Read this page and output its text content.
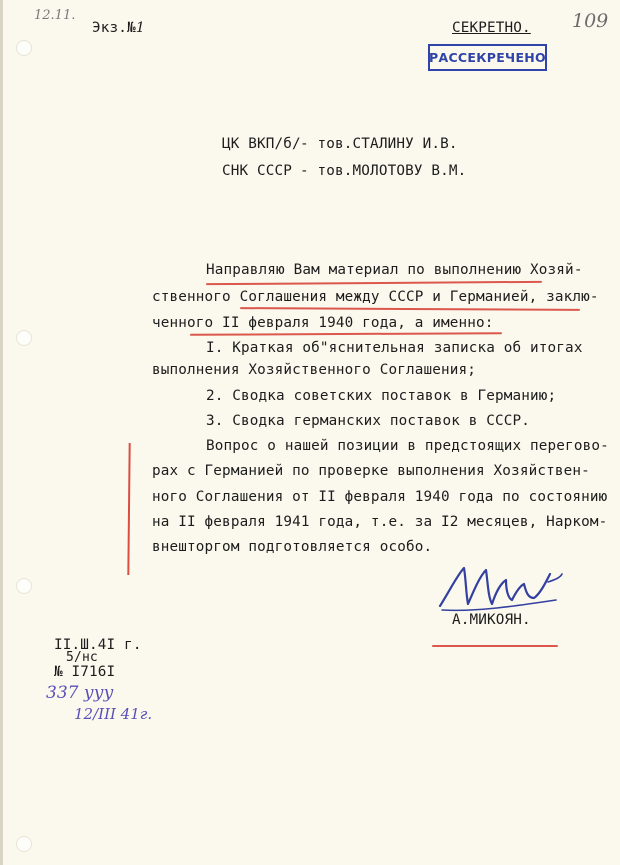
12.11.
Экз.№1	СЕКРЕТНО. 109
РАССЕКРЕЧЕНО
ЦК ВКП/б/ - тов.СТАЛИНУ И.В.
СНК СССР - тов.МОЛОТОВУ В.М.
Направляю Вам материал по выполнению Хозяй-
ственного Соглашения между СССР и Германией, заклю-
ченного II февраля 1940 года, а именно:
I. Краткая об"яснительная записка об итогах
выполнения Хозяйственного Соглашения;
2. Сводка советских поставок в Германию;
3. Сводка германских поставок в СССР.
Вопрос о нашей позиции в предстоящих перегово-
рах с Германией по проверке выполнения Хозяйствен-
ного Соглашения от II февраля 1940 года по состоянию
на II февраля 1941 года, т.е. за I2 месяцев, Нарком-
внешторгом подготовляется особо.
А.МИКОЯН.
II.Ш.4I г.
5/нс
№ I716I
337 ууу
12/III 41г.
